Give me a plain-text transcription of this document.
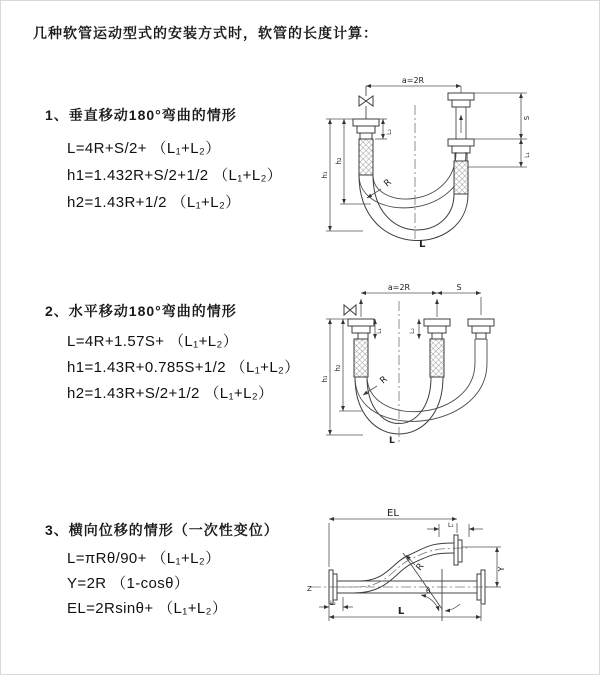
几种软管运动型式的安装方式时，软管的长度计算：
1、垂直移动180°弯曲的情形
L=4R+S/2+ （L₁+L₂）
h1=1.432R+S/2+1/2 （L₁+L₂）
h2=1.43R+1/2 （L₁+L₂）
2、水平移动180°弯曲的情形
L=4R+1.57S+ （L₁+L₂）
h1=1.43R+0.785S+1/2 （L₁+L₂）
h2=1.43R+S/2+1/2 （L₁+L₂）
3、横向位移的情形（一次性变位）
L=πRθ/90+ （L₁+L₂）
Y=2R （1-cosθ）
EL=2Rsinθ+ （L₁+L₂）
a=2R
h₁
h₂
L₂
S
L₁
R
L
a=2R	S
h₁
h₂
L₁	L₂
R
L
θ
R
EL
L₁
Y
L₂
L
Z
